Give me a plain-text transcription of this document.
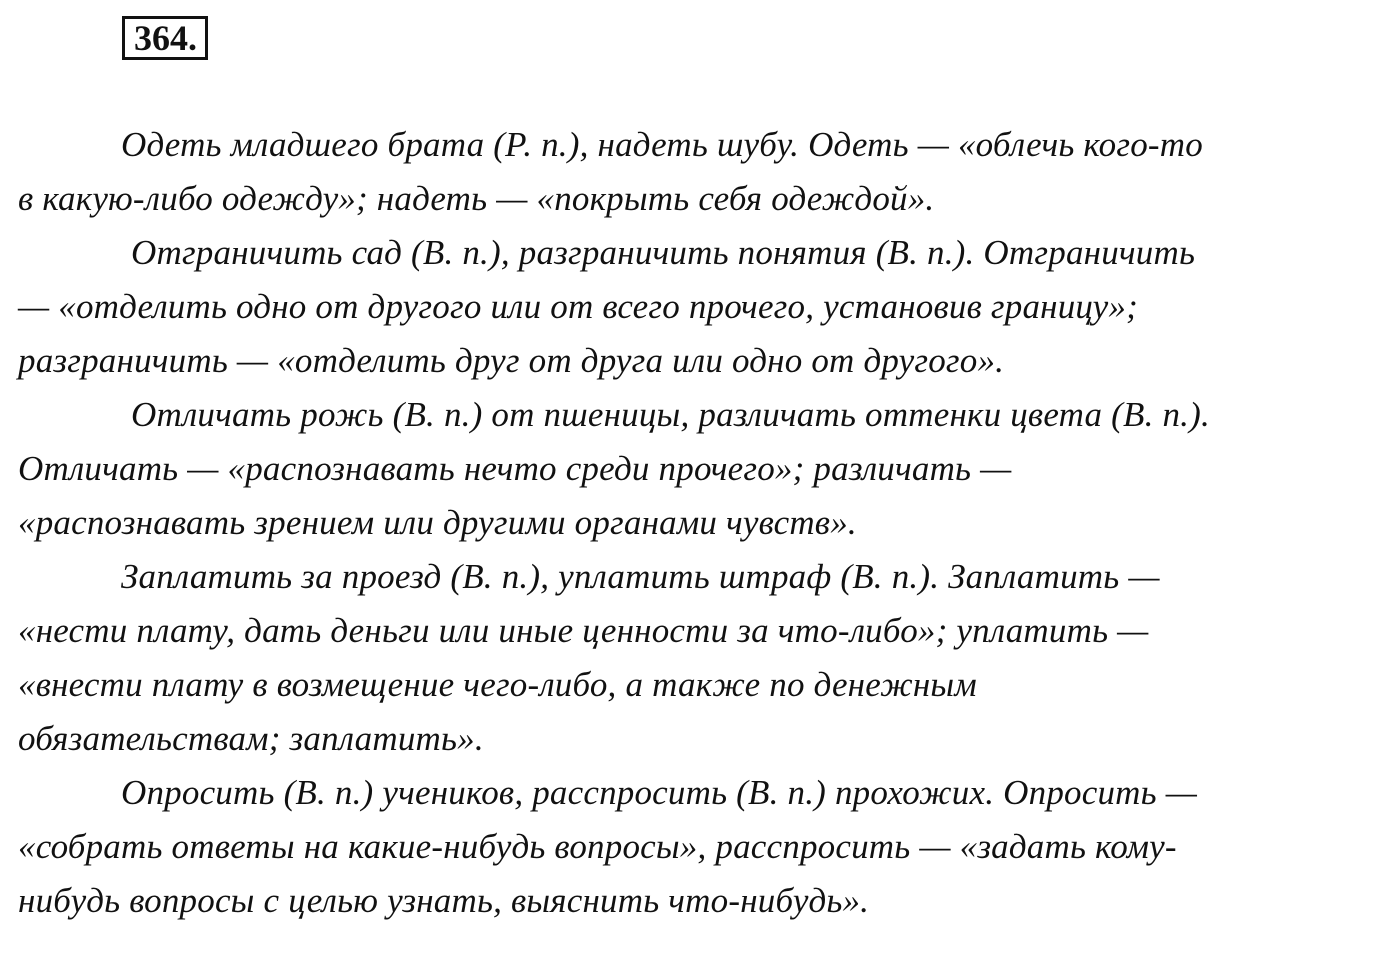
364.

Одеть младшего брата (Р. п.), надеть шубу. Одеть — «облечь кого-то
в какую-либо одежду»; надеть — «покрыть себя одеждой».

Отграничить сад (В. п.), разграничить понятия (В. п.). Отграничить
— «отделить одно от другого или от всего прочего, установив границу»;
разграничить — «отделить друг от друга или одно от другого».

Отличать рожь (В. п.) от пшеницы, различать оттенки цвета (В. п.).
Отличать — «распознавать нечто среди прочего»; различать —
«распознавать зрением или другими органами чувств».

Заплатить за проезд (В. п.), уплатить штраф (В. п.). Заплатить —
«нести плату, дать деньги или иные ценности за что-либо»; уплатить —
«внести плату в возмещение чего-либо, а также по денежным
обязательствам; заплатить».

Опросить (В. п.) учеников, расспросить (В. п.) прохожих. Опросить —
«собрать ответы на какие-нибудь вопросы», расспросить — «задать кому-
нибудь вопросы с целью узнать, выяснить что-нибудь».
